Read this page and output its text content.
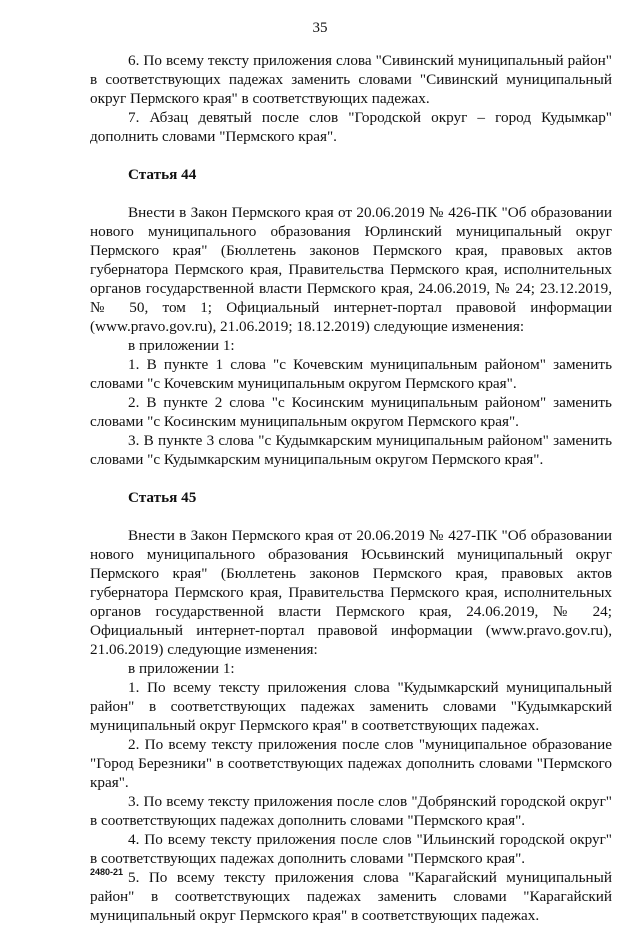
35

6. По всему тексту приложения слова "Сивинский муниципальный район" в соответствующих падежах заменить словами "Сивинский муниципальный округ Пермского края" в соответствующих падежах.

7. Абзац девятый после слов "Городской округ – город Кудымкар" дополнить словами "Пермского края".

Статья 44

Внести в Закон Пермского края от 20.06.2019 № 426-ПК "Об образовании нового муниципального образования Юрлинский муниципальный округ Пермского края" (Бюллетень законов Пермского края, правовых актов губернатора Пермского края, Правительства Пермского края, исполнительных органов государственной власти Пермского края, 24.06.2019, № 24; 23.12.2019, № 50, том 1; Официальный интернет-портал правовой информации (www.pravo.gov.ru), 21.06.2019; 18.12.2019) следующие изменения:

в приложении 1:

1. В пункте 1 слова "с Кочевским муниципальным районом" заменить словами "с Кочевским муниципальным округом Пермского края".

2. В пункте 2 слова "с Косинским муниципальным районом" заменить словами "с Косинским муниципальным округом Пермского края".

3. В пункте 3 слова "с Кудымкарским муниципальным районом" заменить словами "с Кудымкарским муниципальным округом Пермского края".

Статья 45

Внести в Закон Пермского края от 20.06.2019 № 427-ПК "Об образовании нового муниципального образования Юсьвинский муниципальный округ Пермского края" (Бюллетень законов Пермского края, правовых актов губернатора Пермского края, Правительства Пермского края, исполнительных органов государственной власти Пермского края, 24.06.2019, № 24; Официальный интернет-портал правовой информации (www.pravo.gov.ru), 21.06.2019) следующие изменения:

в приложении 1:

1. По всему тексту приложения слова "Кудымкарский муниципальный район" в соответствующих падежах заменить словами "Кудымкарский муниципальный округ Пермского края" в соответствующих падежах.

2. По всему тексту приложения после слов "муниципальное образование "Город Березники" в соответствующих падежах дополнить словами "Пермского края".

3. По всему тексту приложения после слов "Добрянский городской округ" в соответствующих падежах дополнить словами "Пермского края".

4. По всему тексту приложения после слов "Ильинский городской округ" в соответствующих падежах дополнить словами "Пермского края".

5. По всему тексту приложения слова "Карагайский муниципальный район" в соответствующих падежах заменить словами "Карагайский муниципальный округ Пермского края" в соответствующих падежах.

2480-21
